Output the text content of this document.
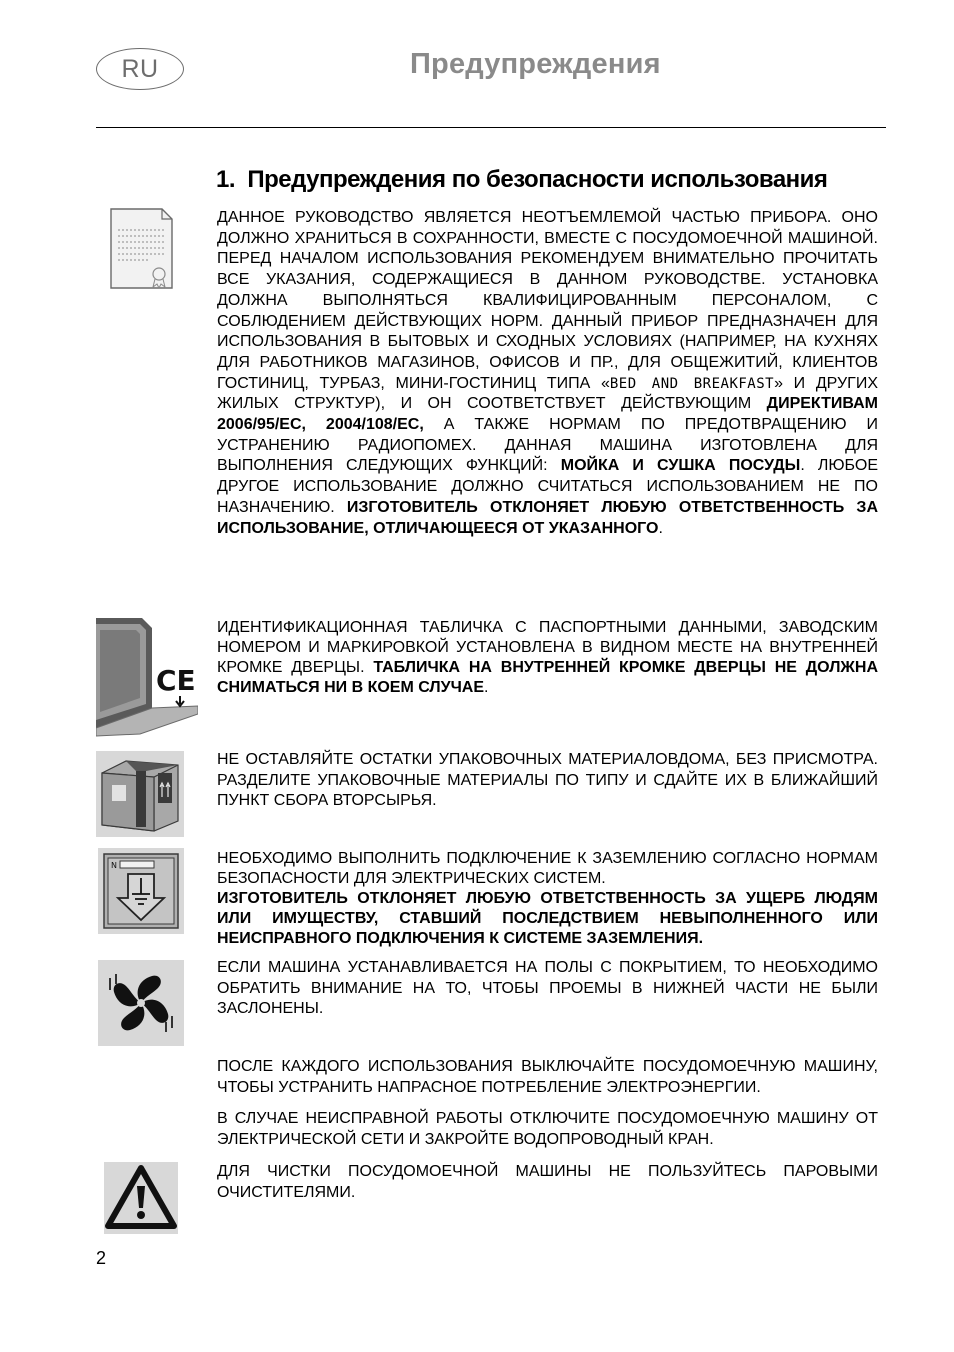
RU	Предупреждения
1. Предупреждения по безопасности использования

ДАННОЕ РУКОВОДСТВО ЯВЛЯЕТСЯ НЕОТЪЕМЛЕМОЙ ЧАСТЬЮ ПРИБОРА. ОНО ДОЛЖНО ХРАНИТЬСЯ В СОХРАННОСТИ, ВМЕСТЕ С ПОСУДОМОЕЧНОЙ МАШИНОЙ. ПЕРЕД НАЧАЛОМ ИСПОЛЬЗОВАНИЯ РЕКОМЕНДУЕМ ВНИМАТЕЛЬНО ПРОЧИТАТЬ ВСЕ УКАЗАНИЯ, СОДЕРЖАЩИЕСЯ В ДАННОМ РУКОВОДСТВЕ. УСТАНОВКА ДОЛЖНА ВЫПОЛНЯТЬСЯ КВАЛИФИЦИРОВАННЫМ ПЕРСОНАЛОМ, С СОБЛЮДЕНИЕМ ДЕЙСТВУЮЩИХ НОРМ. ДАННЫЙ ПРИБОР ПРЕДНАЗНАЧЕН ДЛЯ ИСПОЛЬЗОВАНИЯ В БЫТОВЫХ И СХОДНЫХ УСЛОВИЯХ (НАПРИМЕР, НА КУХНЯХ ДЛЯ РАБОТНИКОВ МАГАЗИНОВ, ОФИСОВ И ПР., ДЛЯ ОБЩЕЖИТИЙ, КЛИЕНТОВ ГОСТИНИЦ, ТУРБАЗ, МИНИ-ГОСТИНИЦ ТИПА «BED AND BREAKFAST» И ДРУГИХ ЖИЛЫХ СТРУКТУР), И ОН СООТВЕТСТВУЕТ ДЕЙСТВУЮЩИМ ДИРЕКТИВАМ 2006/95/ЕС, 2004/108/ЕС, А ТАКЖЕ НОРМАМ ПО ПРЕДОТВРАЩЕНИЮ И УСТРАНЕНИЮ РАДИОПОМЕХ. ДАННАЯ МАШИНА ИЗГОТОВЛЕНА ДЛЯ ВЫПОЛНЕНИЯ СЛЕДУЮЩИХ ФУНКЦИЙ: МОЙКА И СУШКА ПОСУДЫ. ЛЮБОЕ ДРУГОЕ ИСПОЛЬЗОВАНИЕ ДОЛЖНО СЧИТАТЬСЯ ИСПОЛЬЗОВАНИЕМ НЕ ПО НАЗНАЧЕНИЮ. ИЗГОТОВИТЕЛЬ ОТКЛОНЯЕТ ЛЮБУЮ ОТВЕТСТВЕННОСТЬ ЗА ИСПОЛЬЗОВАНИЕ, ОТЛИЧАЮЩЕЕСЯ ОТ УКАЗАННОГО.

CE

ИДЕНТИФИКАЦИОННАЯ ТАБЛИЧКА С ПАСПОРТНЫМИ ДАННЫМИ, ЗАВОДСКИМ НОМЕРОМ И МАРКИРОВКОЙ УСТАНОВЛЕНА В ВИДНОМ МЕСТЕ НА ВНУТРЕННЕЙ КРОМКЕ ДВЕРЦЫ. ТАБЛИЧКА НА ВНУТРЕННЕЙ КРОМКЕ ДВЕРЦЫ НЕ ДОЛЖНА СНИМАТЬСЯ НИ В КОЕМ СЛУЧАЕ.

НЕ ОСТАВЛЯЙТЕ ОСТАТКИ УПАКОВОЧНЫХ МАТЕРИАЛОВДОМА, БЕЗ ПРИСМОТРА. РАЗДЕЛИТЕ УПАКОВОЧНЫЕ МАТЕРИАЛЫ ПО ТИПУ И СДАЙТЕ ИХ В БЛИЖАЙШИЙ ПУНКТ СБОРА ВТОРСЫРЬЯ.

N	НЕОБХОДИМО ВЫПОЛНИТЬ ПОДКЛЮЧЕНИЕ К ЗАЗЕМЛЕНИЮ СОГЛАСНО НОРМАМ БЕЗОПАСНОСТИ ДЛЯ ЭЛЕКТРИЧЕСКИХ СИСТЕМ.
ИЗГОТОВИТЕЛЬ ОТКЛОНЯЕТ ЛЮБУЮ ОТВЕТСТВЕННОСТЬ ЗА УЩЕРБ ЛЮДЯМ ИЛИ ИМУЩЕСТВУ, СТАВШИЙ ПОСЛЕДСТВИЕМ НЕВЫПОЛНЕННОГО ИЛИ НЕИСПРАВНОГО ПОДКЛЮЧЕНИЯ К СИСТЕМЕ ЗАЗЕМЛЕНИЯ.

ЕСЛИ МАШИНА УСТАНАВЛИВАЕТСЯ НА ПОЛЫ С ПОКРЫТИЕМ, ТО НЕОБХОДИМО ОБРАТИТЬ ВНИМАНИЕ НА ТО, ЧТОБЫ ПРОЕМЫ В НИЖНЕЙ ЧАСТИ НЕ БЫЛИ ЗАСЛОНЕНЫ.

ПОСЛЕ КАЖДОГО ИСПОЛЬЗОВАНИЯ ВЫКЛЮЧАЙТЕ ПОСУДОМОЕЧНУЮ МАШИНУ, ЧТОБЫ УСТРАНИТЬ НАПРАСНОЕ ПОТРЕБЛЕНИЕ ЭЛЕКТРОЭНЕРГИИ.

В СЛУЧАЕ НЕИСПРАВНОЙ РАБОТЫ ОТКЛЮЧИТЕ ПОСУДОМОЕЧНУЮ МАШИНУ ОТ ЭЛЕКТРИЧЕСКОЙ СЕТИ И ЗАКРОЙТЕ ВОДОПРОВОДНЫЙ КРАН.

ДЛЯ ЧИСТКИ ПОСУДОМОЕЧНОЙ МАШИНЫ НЕ ПОЛЬЗУЙТЕСЬ ПАРОВЫМИ ОЧИСТИТЕЛЯМИ.

2
